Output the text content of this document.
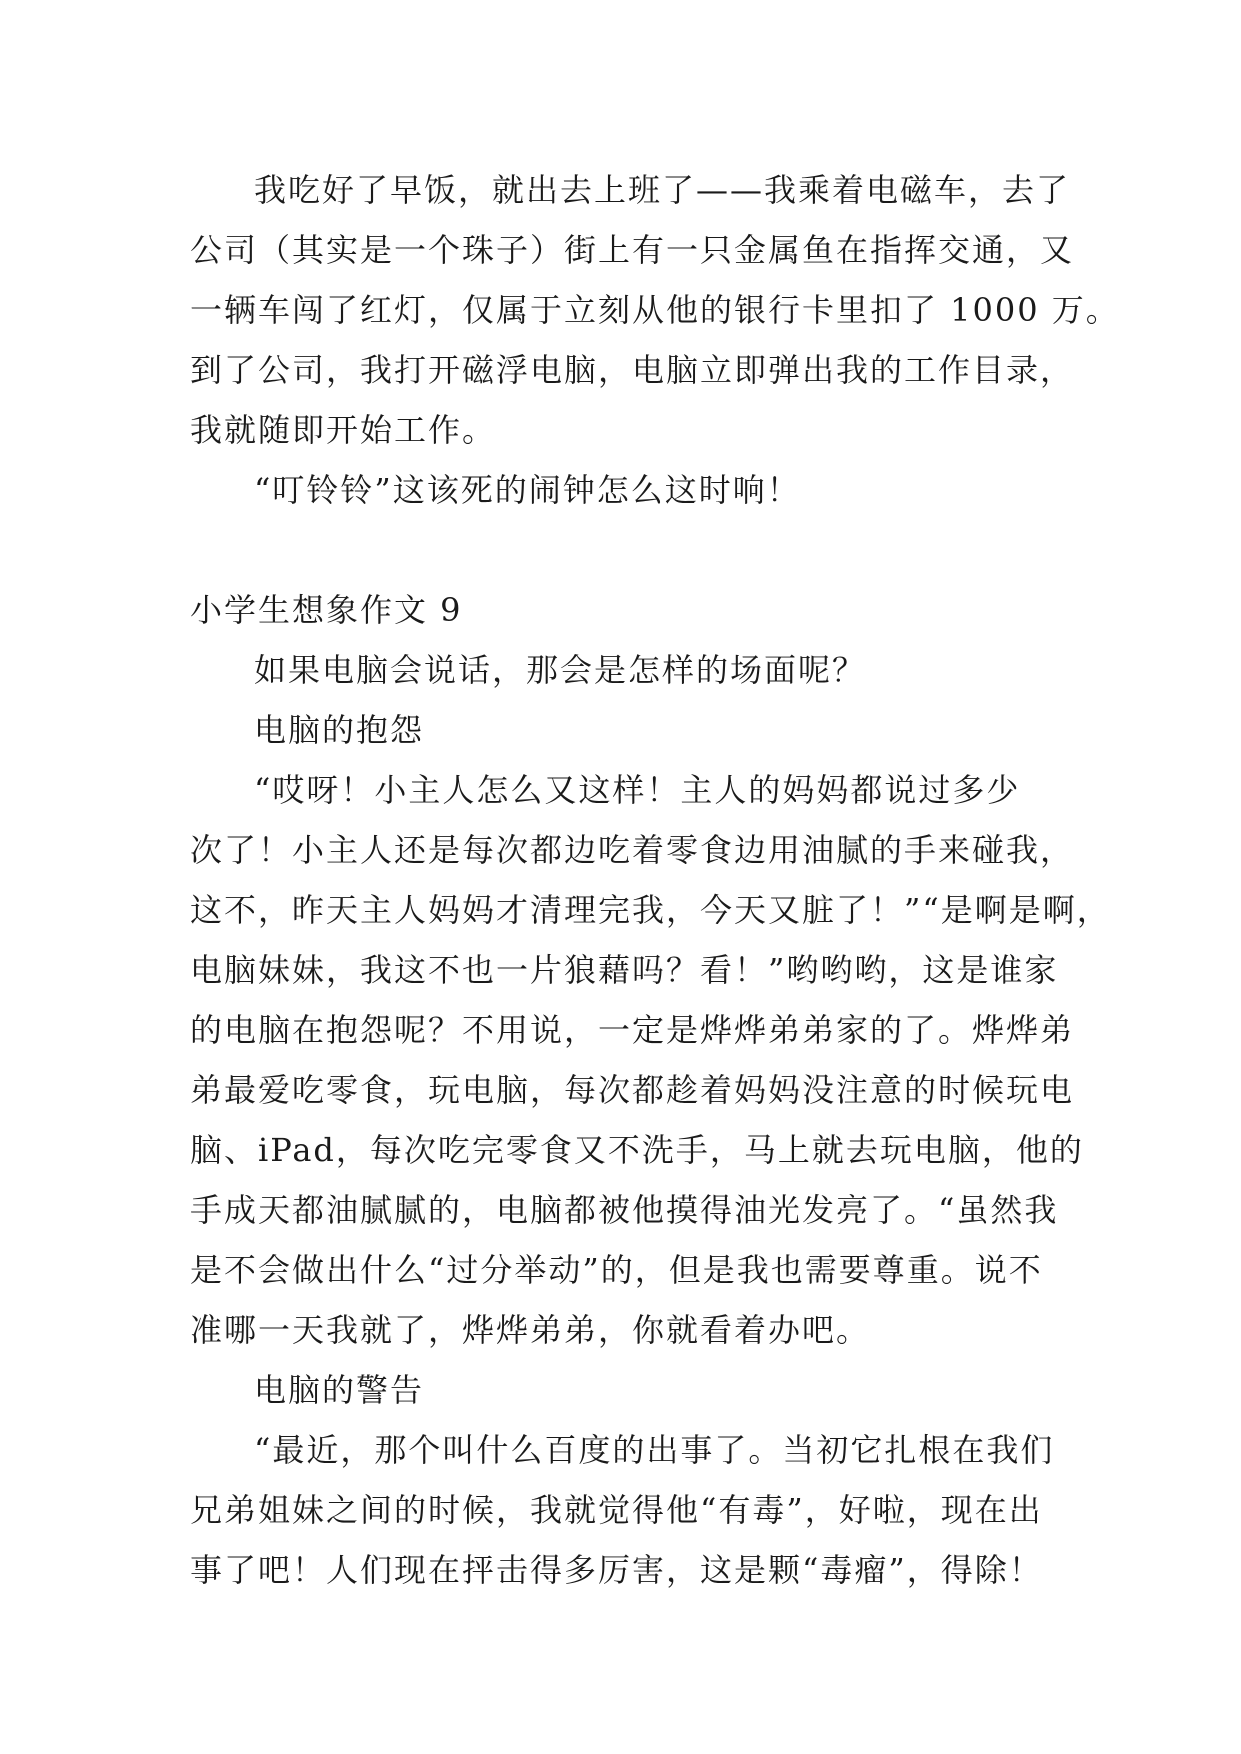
我吃好了早饭，就出去上班了——我乘着电磁车，去了
公司（其实是一个珠子）街上有一只金属鱼在指挥交通，又
一辆车闯了红灯，仅属于立刻从他的银行卡里扣了 1000 万。
到了公司，我打开磁浮电脑，电脑立即弹出我的工作目录，
我就随即开始工作。
“叮铃铃”这该死的闹钟怎么这时响！
小学生想象作文 9
如果电脑会说话，那会是怎样的场面呢？
电脑的抱怨
“哎呀！小主人怎么又这样！主人的妈妈都说过多少
次了！小主人还是每次都边吃着零食边用油腻的手来碰我，
这不，昨天主人妈妈才清理完我，今天又脏了！”“是啊是啊，
电脑妹妹，我这不也一片狼藉吗？看！”哟哟哟，这是谁家
的电脑在抱怨呢？不用说，一定是烨烨弟弟家的了。烨烨弟
弟最爱吃零食，玩电脑，每次都趁着妈妈没注意的时候玩电
脑、iPad，每次吃完零食又不洗手，马上就去玩电脑，他的
手成天都油腻腻的，电脑都被他摸得油光发亮了。“虽然我
是不会做出什么“过分举动”的，但是我也需要尊重。说不
准哪一天我就了，烨烨弟弟，你就看着办吧。
电脑的警告
“最近，那个叫什么百度的出事了。当初它扎根在我们
兄弟姐妹之间的时候，我就觉得他“有毒”，好啦，现在出
事了吧！人们现在抨击得多厉害，这是颗“毒瘤”，得除！
